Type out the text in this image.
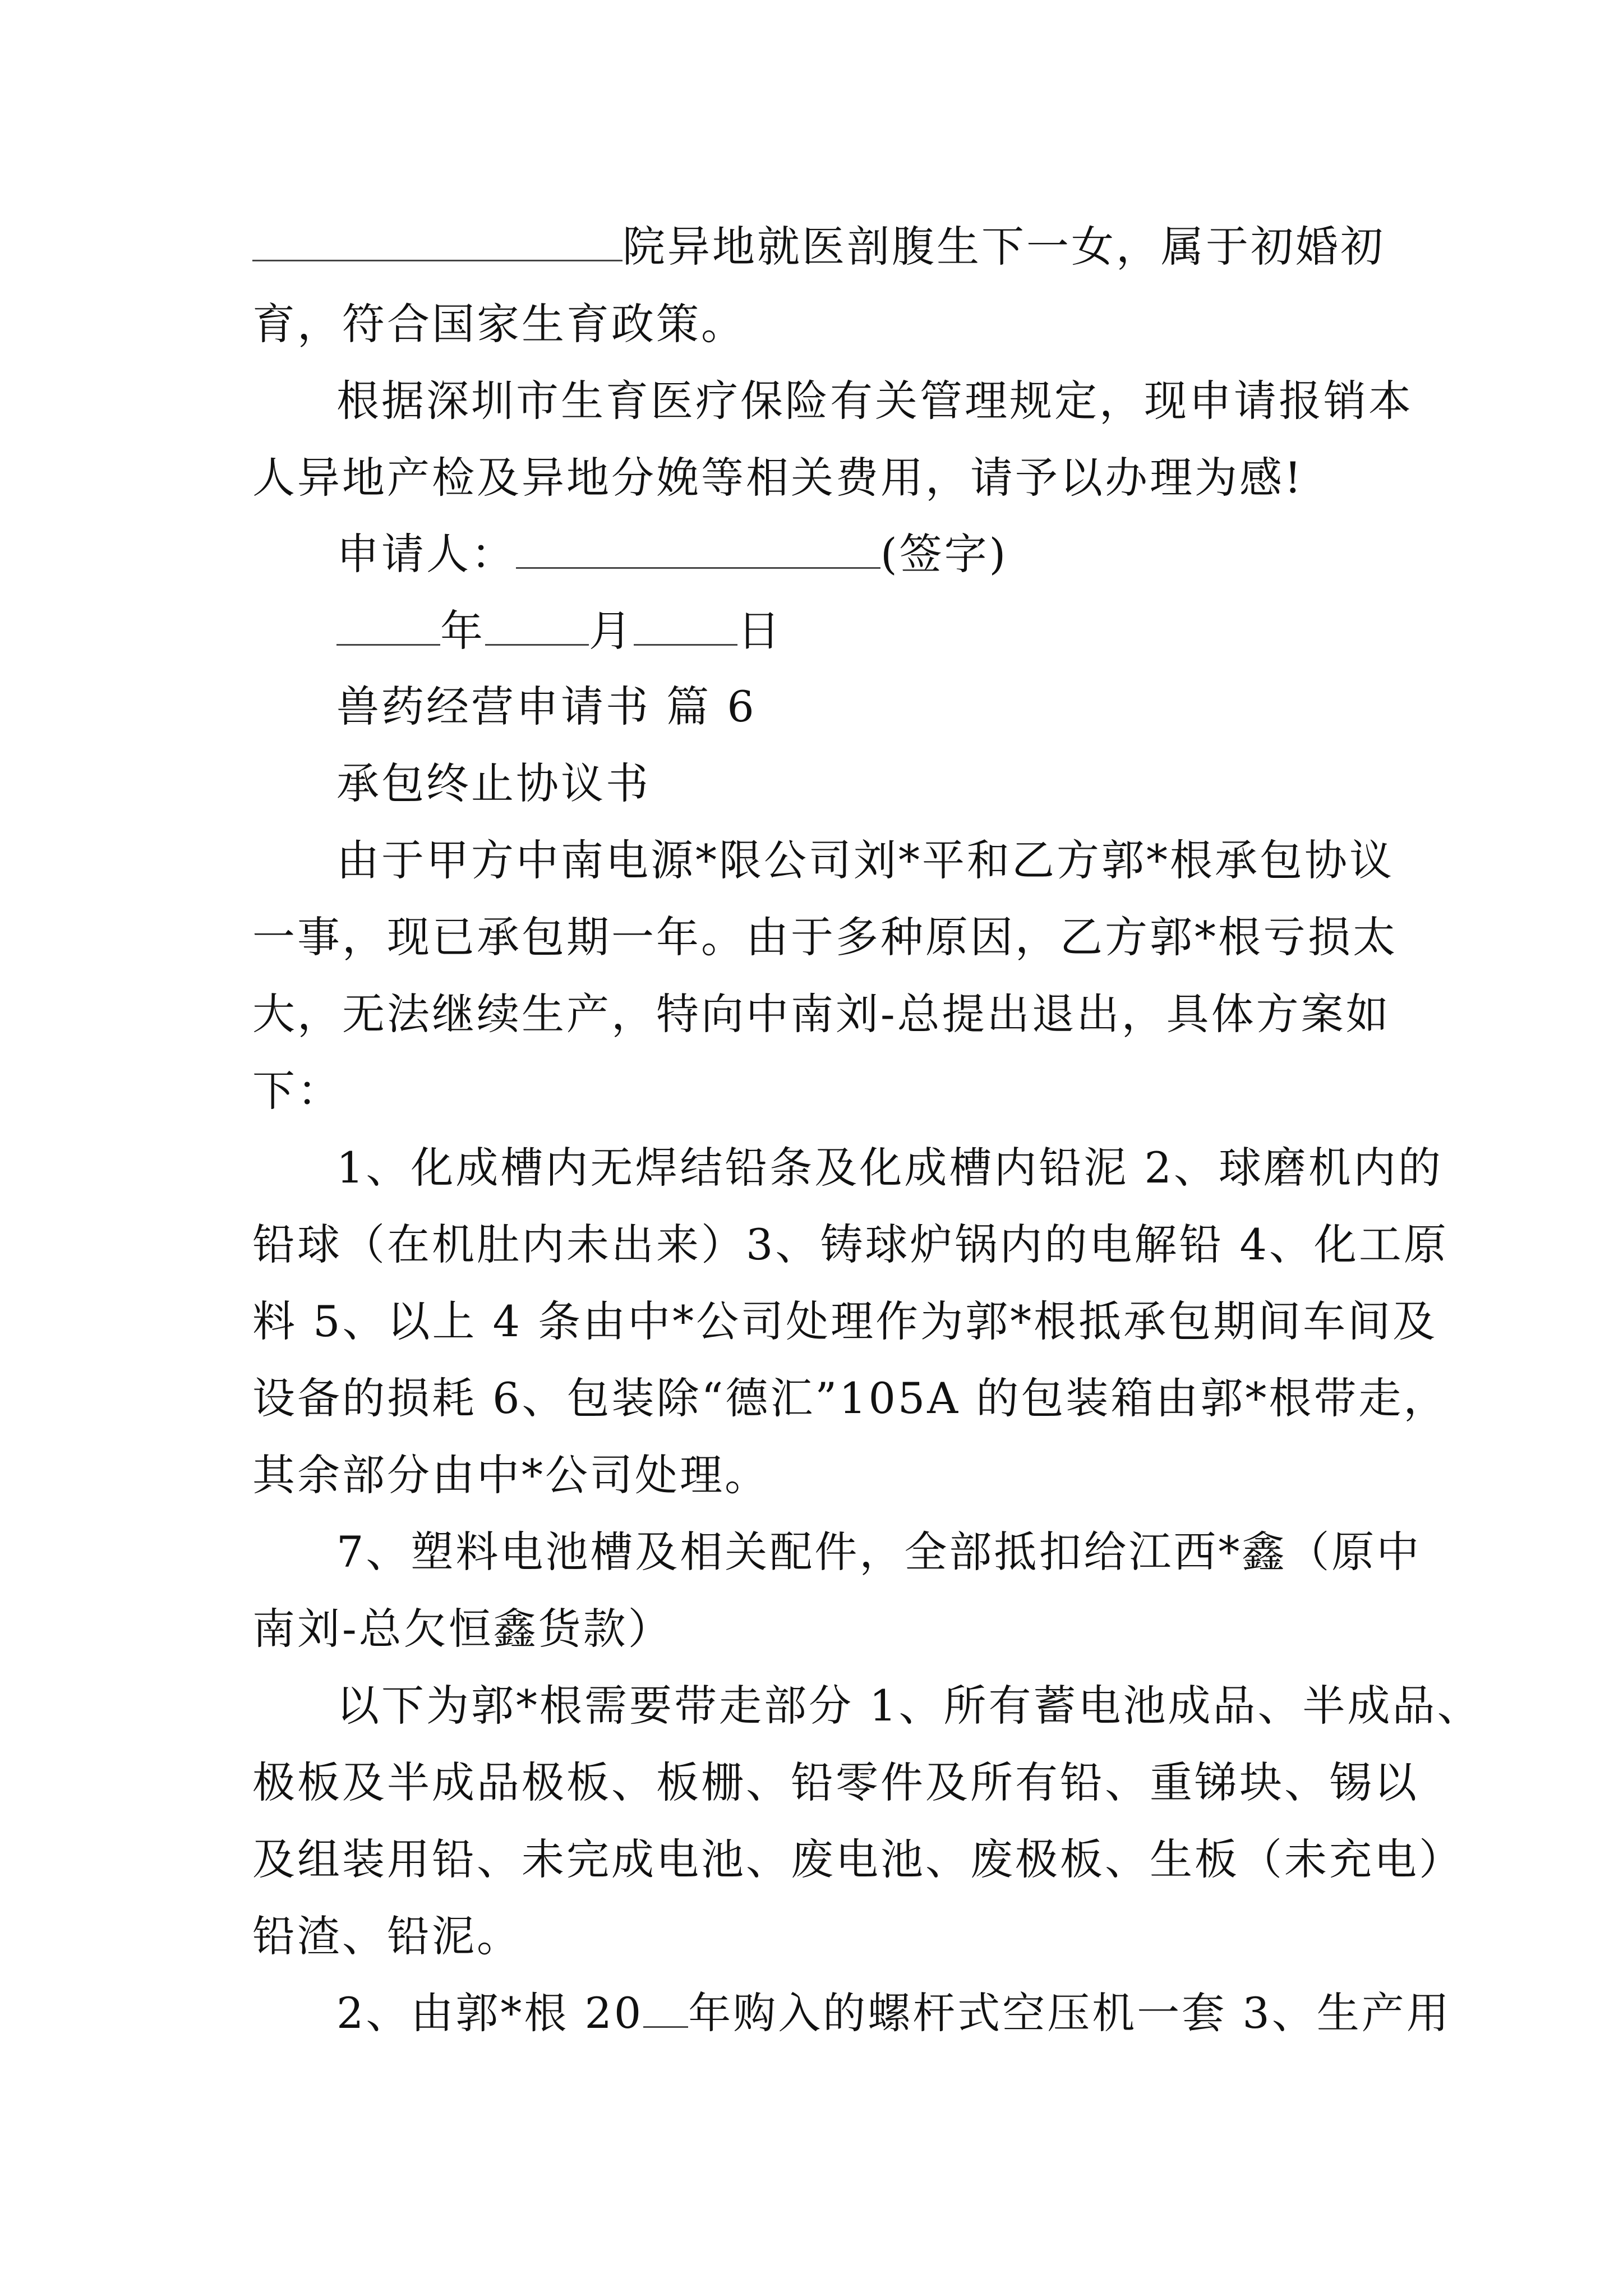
院异地就医剖腹生下一女，属于初婚初
育，符合国家生育政策。
根据深圳市生育医疗保险有关管理规定，现申请报销本
人异地产检及异地分娩等相关费用，请予以办理为感!
申请人：	(签字)
年 月 日
兽药经营申请书 篇 6
承包终止协议书
由于甲方中南电源*限公司刘*平和乙方郭*根承包协议
一事，现已承包期一年。由于多种原因，乙方郭*根亏损太
大，无法继续生产，特向中南刘-总提出退出，具体方案如
下：
1、化成槽内无焊结铅条及化成槽内铅泥 2、球磨机内的
铅球（在机肚内未出来）3、铸球炉锅内的电解铅 4、化工原
料 5、以上 4 条由中*公司处理作为郭*根抵承包期间车间及
设备的损耗 6、包装除“德汇”105A 的包装箱由郭*根带走，
其余部分由中*公司处理。
7、塑料电池槽及相关配件，全部抵扣给江西*鑫（原中
南刘-总欠恒鑫货款）
以下为郭*根需要带走部分 1、所有蓄电池成品、半成品、
极板及半成品极板、板栅、铅零件及所有铅、重锑块、锡以
及组装用铅、未完成电池、废电池、废极板、生板（未充电）
铅渣、铅泥。
2、由郭*根 20 年购入的螺杆式空压机一套 3、生产用
